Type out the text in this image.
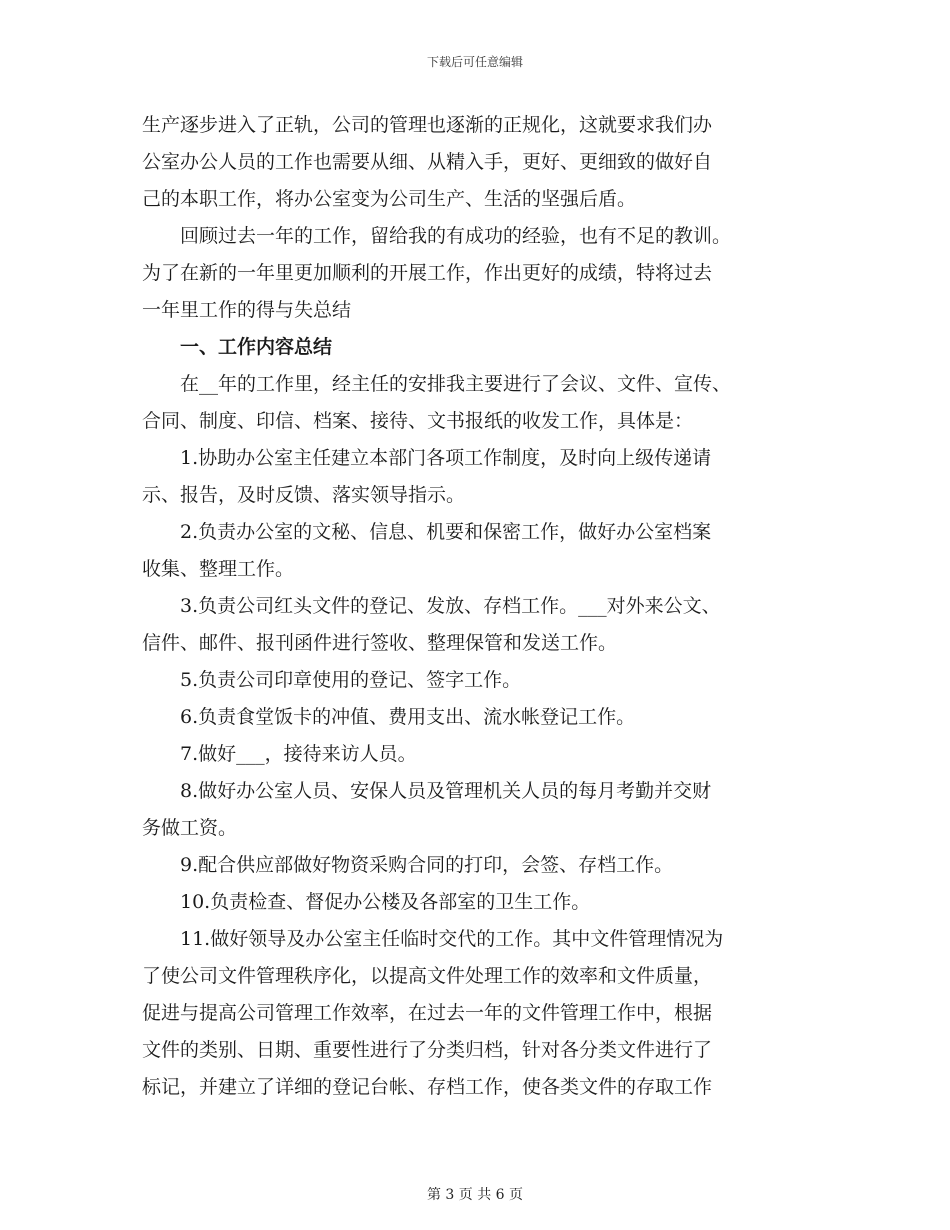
下载后可任意编辑

生产逐步进入了正轨，公司的管理也逐渐的正规化，这就要求我们办

公室办公人员的工作也需要从细、从精入手，更好、更细致的做好自

己的本职工作，将办公室变为公司生产、生活的坚强后盾。

回顾过去一年的工作，留给我的有成功的经验，也有不足的教训。

为了在新的一年里更加顺利的开展工作，作出更好的成绩，特将过去

一年里工作的得与失总结

一、工作内容总结

在__年的工作里，经主任的安排我主要进行了会议、文件、宣传、

合同、制度、印信、档案、接待、文书报纸的收发工作，具体是：

1.协助办公室主任建立本部门各项工作制度，及时向上级传递请

示、报告，及时反馈、落实领导指示。

2.负责办公室的文秘、信息、机要和保密工作，做好办公室档案

收集、整理工作。

3.负责公司红头文件的登记、发放、存档工作。___对外来公文、

信件、邮件、报刊函件进行签收、整理保管和发送工作。

5.负责公司印章使用的登记、签字工作。

6.负责食堂饭卡的冲值、费用支出、流水帐登记工作。

7.做好___，接待来访人员。

8.做好办公室人员、安保人员及管理机关人员的每月考勤并交财

务做工资。

9.配合供应部做好物资采购合同的打印，会签、存档工作。

10.负责检查、督促办公楼及各部室的卫生工作。

11.做好领导及办公室主任临时交代的工作。其中文件管理情况为

了使公司文件管理秩序化，以提高文件处理工作的效率和文件质量，

促进与提高公司管理工作效率，在过去一年的文件管理工作中，根据

文件的类别、日期、重要性进行了分类归档，针对各分类文件进行了

标记，并建立了详细的登记台帐、存档工作，使各类文件的存取工作

第 3 页 共 6 页
